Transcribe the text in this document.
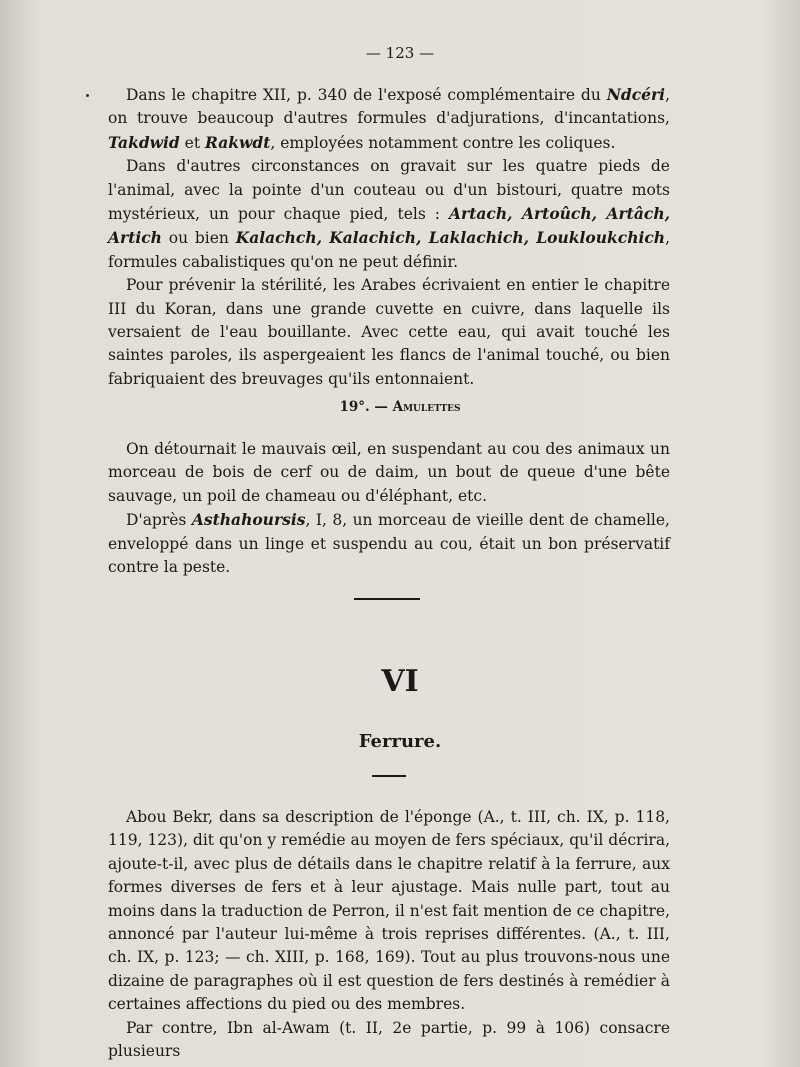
— 123 —

Dans le chapitre XII, p. 340 de l'exposé complémentaire du Ndcéri, on trouve beaucoup d'autres formules d'adjurations, d'incantations, Takdwid et Rakwdt, employées notamment contre les coliques.

Dans d'autres circonstances on gravait sur les quatre pieds de l'animal, avec la pointe d'un couteau ou d'un bistouri, quatre mots mystérieux, un pour chaque pied, tels : Artach, Artoûch, Artâch, Artich ou bien Kalachch, Kalachich, Laklachich, Loukloukchich, formules cabalistiques qu'on ne peut définir.

Pour prévenir la stérilité, les Arabes écrivaient en entier le chapitre III du Koran, dans une grande cuvette en cuivre, dans laquelle ils versaient de l'eau bouillante. Avec cette eau, qui avait touché les saintes paroles, ils aspergeaient les flancs de l'animal touché, ou bien fabriquaient des breuvages qu'ils entonnaient.

19°. — Amulettes

On détournait le mauvais œil, en suspendant au cou des animaux un morceau de bois de cerf ou de daim, un bout de queue d'une bête sauvage, un poil de chameau ou d'éléphant, etc.

D'après Asthahoursis, I, 8, un morceau de vieille dent de chamelle, enveloppé dans un linge et suspendu au cou, était un bon préservatif contre la peste.

VI
Ferrure.

Abou Bekr, dans sa description de l'éponge (A., t. III, ch. IX, p. 118, 119, 123), dit qu'on y remédie au moyen de fers spéciaux, qu'il décrira, ajoute-t-il, avec plus de détails dans le chapitre relatif à la ferrure, aux formes diverses de fers et à leur ajustage. Mais nulle part, tout au moins dans la traduction de Perron, il n'est fait mention de ce chapitre, annoncé par l'auteur lui-même à trois reprises différentes. (A., t. III, ch. IX, p. 123; — ch. XIII, p. 168, 169). Tout au plus trouvons-nous une dizaine de paragraphes où il est question de fers destinés à remédier à certaines affections du pied ou des membres.

Par contre, Ibn al-Awam (t. II, 2e partie, p. 99 à 106) consacre plusieurs
